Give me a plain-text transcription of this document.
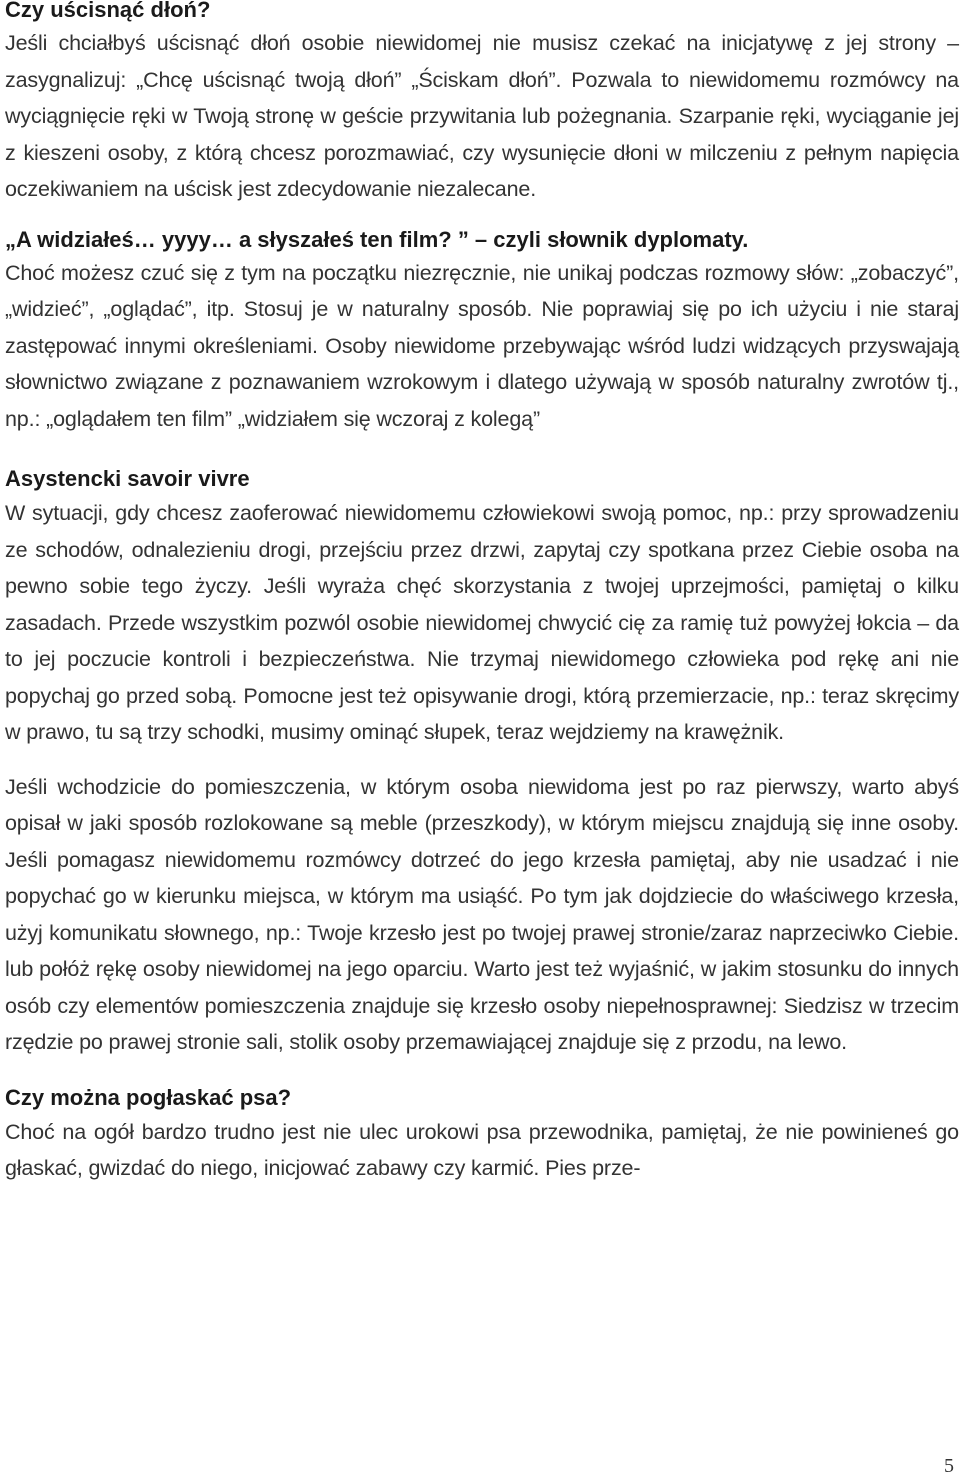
Czy uścisnąć dłoń?

Jeśli chciałbyś uścisnąć dłoń osobie niewidomej nie musisz czekać na inicjatywę z jej strony – zasygnalizuj: „Chcę uścisnąć twoją dłoń” „Ściskam dłoń”. Pozwala to niewidomemu rozmówcy na wyciągnięcie ręki w Twoją stronę w geście przywitania lub pożegnania. Szarpanie ręki, wyciąganie jej z kieszeni osoby, z którą chcesz porozmawiać, czy wysunięcie dłoni w milczeniu z pełnym napięcia oczekiwaniem na uścisk jest zdecydowanie niezalecane.

„A widziałeś… yyyy… a słyszałeś ten film? ” – czyli słownik dyplomaty.

Choć możesz czuć się z tym na początku niezręcznie, nie unikaj podczas rozmowy słów: „zobaczyć”, „widzieć”, „oglądać”, itp. Stosuj je w naturalny sposób. Nie poprawiaj się po ich użyciu i nie staraj zastępować innymi określeniami. Osoby niewidome przebywając wśród ludzi widzących przyswajają słownictwo związane z poznawaniem wzrokowym i dlatego używają w sposób naturalny zwrotów tj., np.: „oglądałem ten film” „widziałem się wczoraj z kolegą”

Asystencki savoir vivre

W sytuacji, gdy chcesz zaoferować niewidomemu człowiekowi swoją pomoc, np.: przy sprowadzeniu ze schodów, odnalezieniu drogi, przejściu przez drzwi, zapytaj czy spotkana przez Ciebie osoba na pewno sobie tego życzy. Jeśli wyraża chęć skorzystania z twojej uprzejmości, pamiętaj o kilku zasadach. Przede wszystkim pozwól osobie niewidomej chwycić cię za ramię tuż powyżej łokcia – da to jej poczucie kontroli i bezpieczeństwa. Nie trzymaj niewidomego człowieka pod rękę ani nie popychaj go przed sobą. Pomocne jest też opisywanie drogi, którą przemierzacie, np.: teraz skręcimy w prawo, tu są trzy schodki, musimy ominąć słupek, teraz wejdziemy na krawężnik.

Jeśli wchodzicie do pomieszczenia, w którym osoba niewidoma jest po raz pierwszy, warto abyś opisał w jaki sposób rozlokowane są meble (przeszkody), w którym miejscu znajdują się inne osoby. Jeśli pomagasz niewidomemu rozmówcy dotrzeć do jego krzesła pamiętaj, aby nie usadzać i nie popychać go w kierunku miejsca, w którym ma usiąść. Po tym jak dojdziecie do właściwego krzesła, użyj komunikatu słownego, np.: Twoje krzesło jest po twojej prawej stronie/zaraz naprzeciwko Ciebie. lub połóż rękę osoby niewidomej na jego oparciu. Warto jest też wyjaśnić, w jakim stosunku do innych osób czy elementów pomieszczenia znajduje się krzesło osoby niepełnosprawnej: Siedzisz w trzecim rzędzie po prawej stronie sali, stolik osoby przemawiającej znajduje się z przodu, na lewo.

Czy można pogłaskać psa?

Choć na ogół bardzo trudno jest nie ulec urokowi psa przewodnika, pamiętaj, że nie powinieneś go głaskać, gwizdać do niego, inicjować zabawy czy karmić. Pies prze-

5
